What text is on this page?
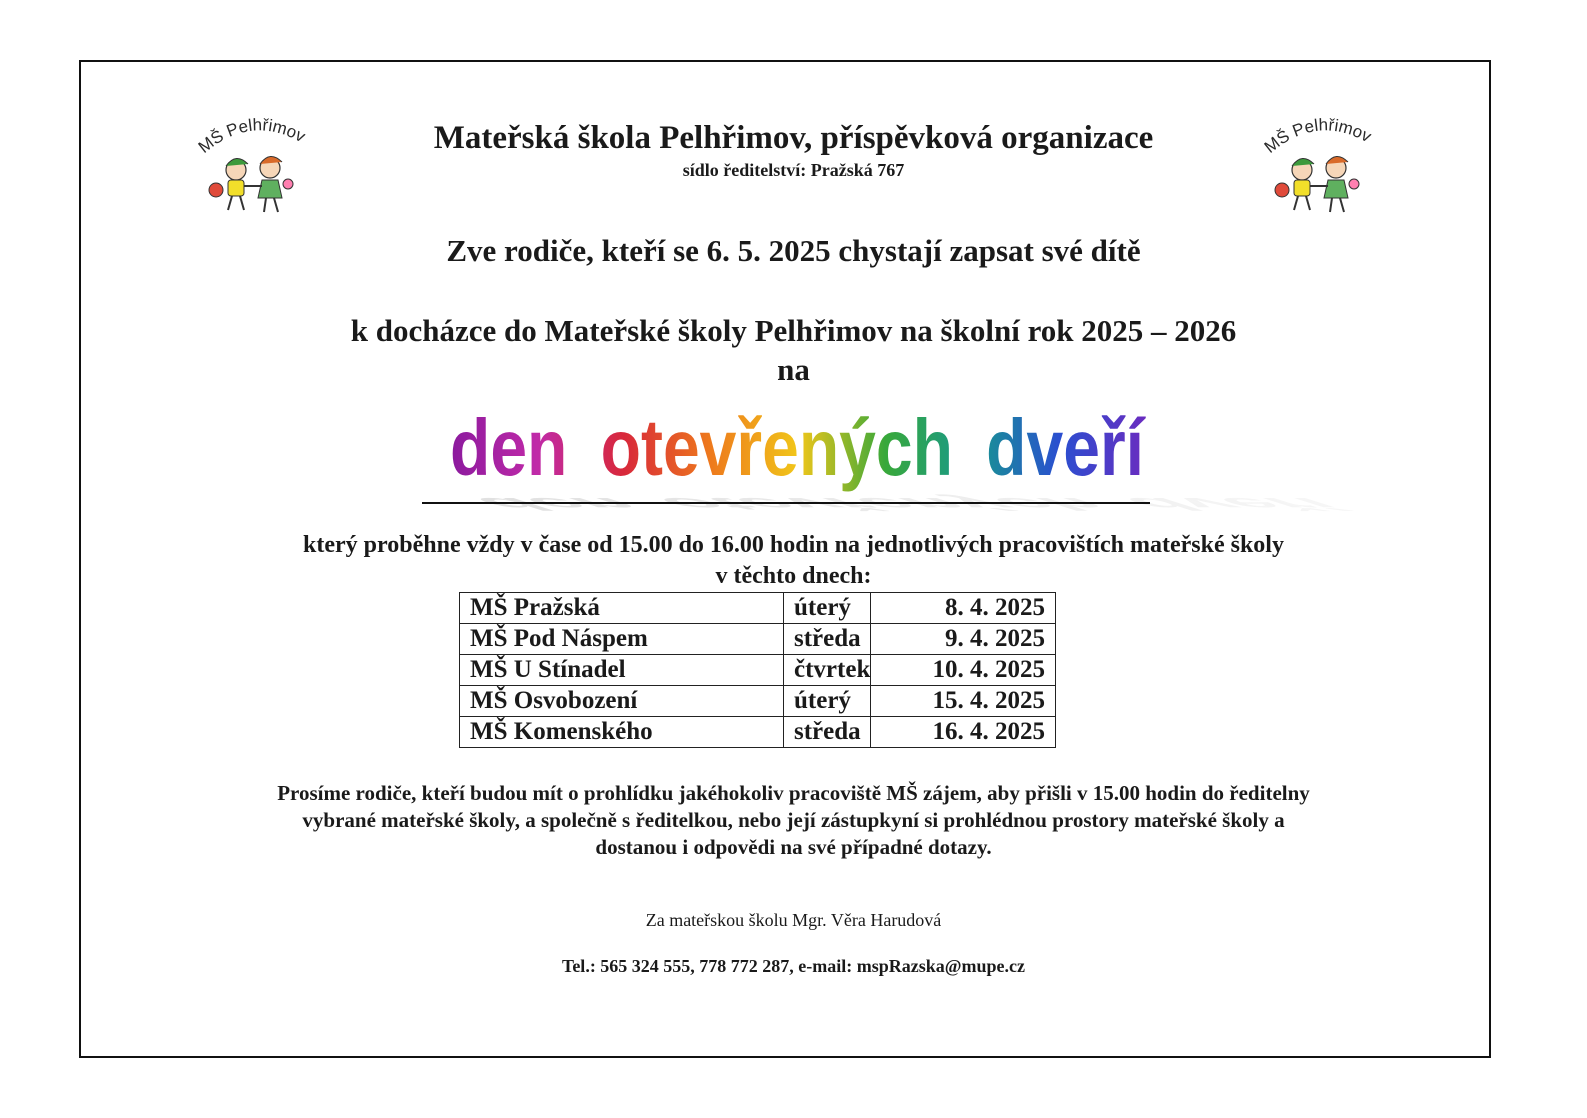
MŠ Pelhřimov	MŠ Pelhřimov
Mateřská škola Pelhřimov, příspěvková organizace
sídlo ředitelství: Pražská 767
Zve rodiče, kteří se 6. 5. 2025 chystají zapsat své dítě
k docházce do Mateřské školy Pelhřimov na školní rok 2025 – 2026
na
den otevřených dveří
den otevřených dveří
který proběhne vždy v čase od 15.00 do 16.00 hodin na jednotlivých pracovištích mateřské školy
v těchto dnech:
MŠ Pražská	úterý	8. 4. 2025
MŠ Pod Náspem	středa	9. 4. 2025
MŠ U Stínadel	čtvrtek	10. 4. 2025
MŠ Osvobození	úterý	15. 4. 2025
MŠ Komenského	středa	16. 4. 2025
Prosíme rodiče, kteří budou mít o prohlídku jakéhokoliv pracoviště MŠ zájem, aby přišli v 15.00 hodin do ředitelny
vybrané mateřské školy, a společně s ředitelkou, nebo její zástupkyní si prohlédnou prostory mateřské školy a
dostanou i odpovědi na své případné dotazy.
Za mateřskou školu Mgr. Věra Harudová
Tel.: 565 324 555, 778 772 287, e-mail: mspRazska@mupe.cz
